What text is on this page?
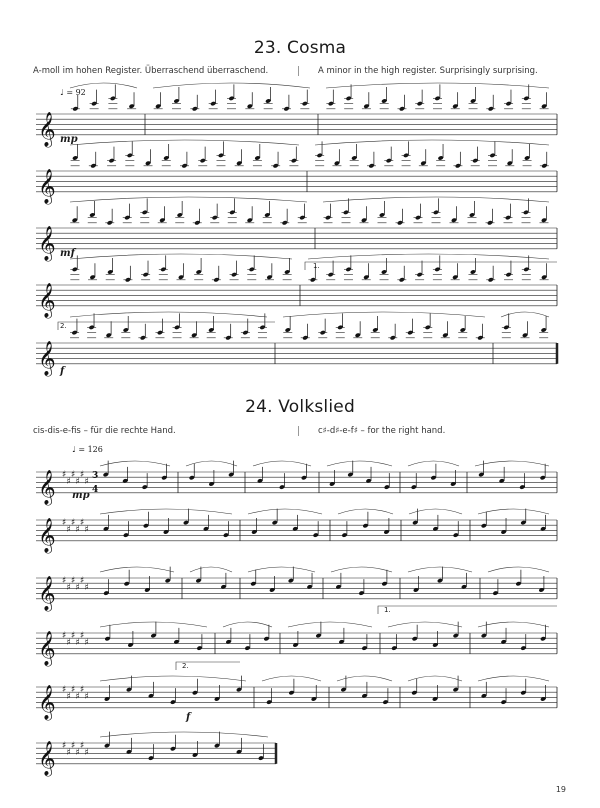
23. Cosma
A-moll im hohen Register. Überraschend überraschend.	A minor in the high register. Surprisingly surprising.
♩ = 92
mp
mf
f
1.
2.
24. Volkslied
cis-dis-e-fis – für die rechte Hand.	c♯-d♯-e-f♯ – for the right hand.
♩ = 126
mp
f
1.
2.
19
𝄞
𝄞
𝄞
𝄞
𝄞
𝄞 ♯
♯
♯
♯
♯
♯
𝄞 ♯
♯
♯
♯
♯
♯
𝄞 ♯
♯
♯
♯
♯
♯
𝄞 ♯
♯
♯
♯
♯
♯
𝄞 ♯
♯
♯
♯
♯
♯
𝄞 ♯
♯
♯
♯
♯
♯
3
4
